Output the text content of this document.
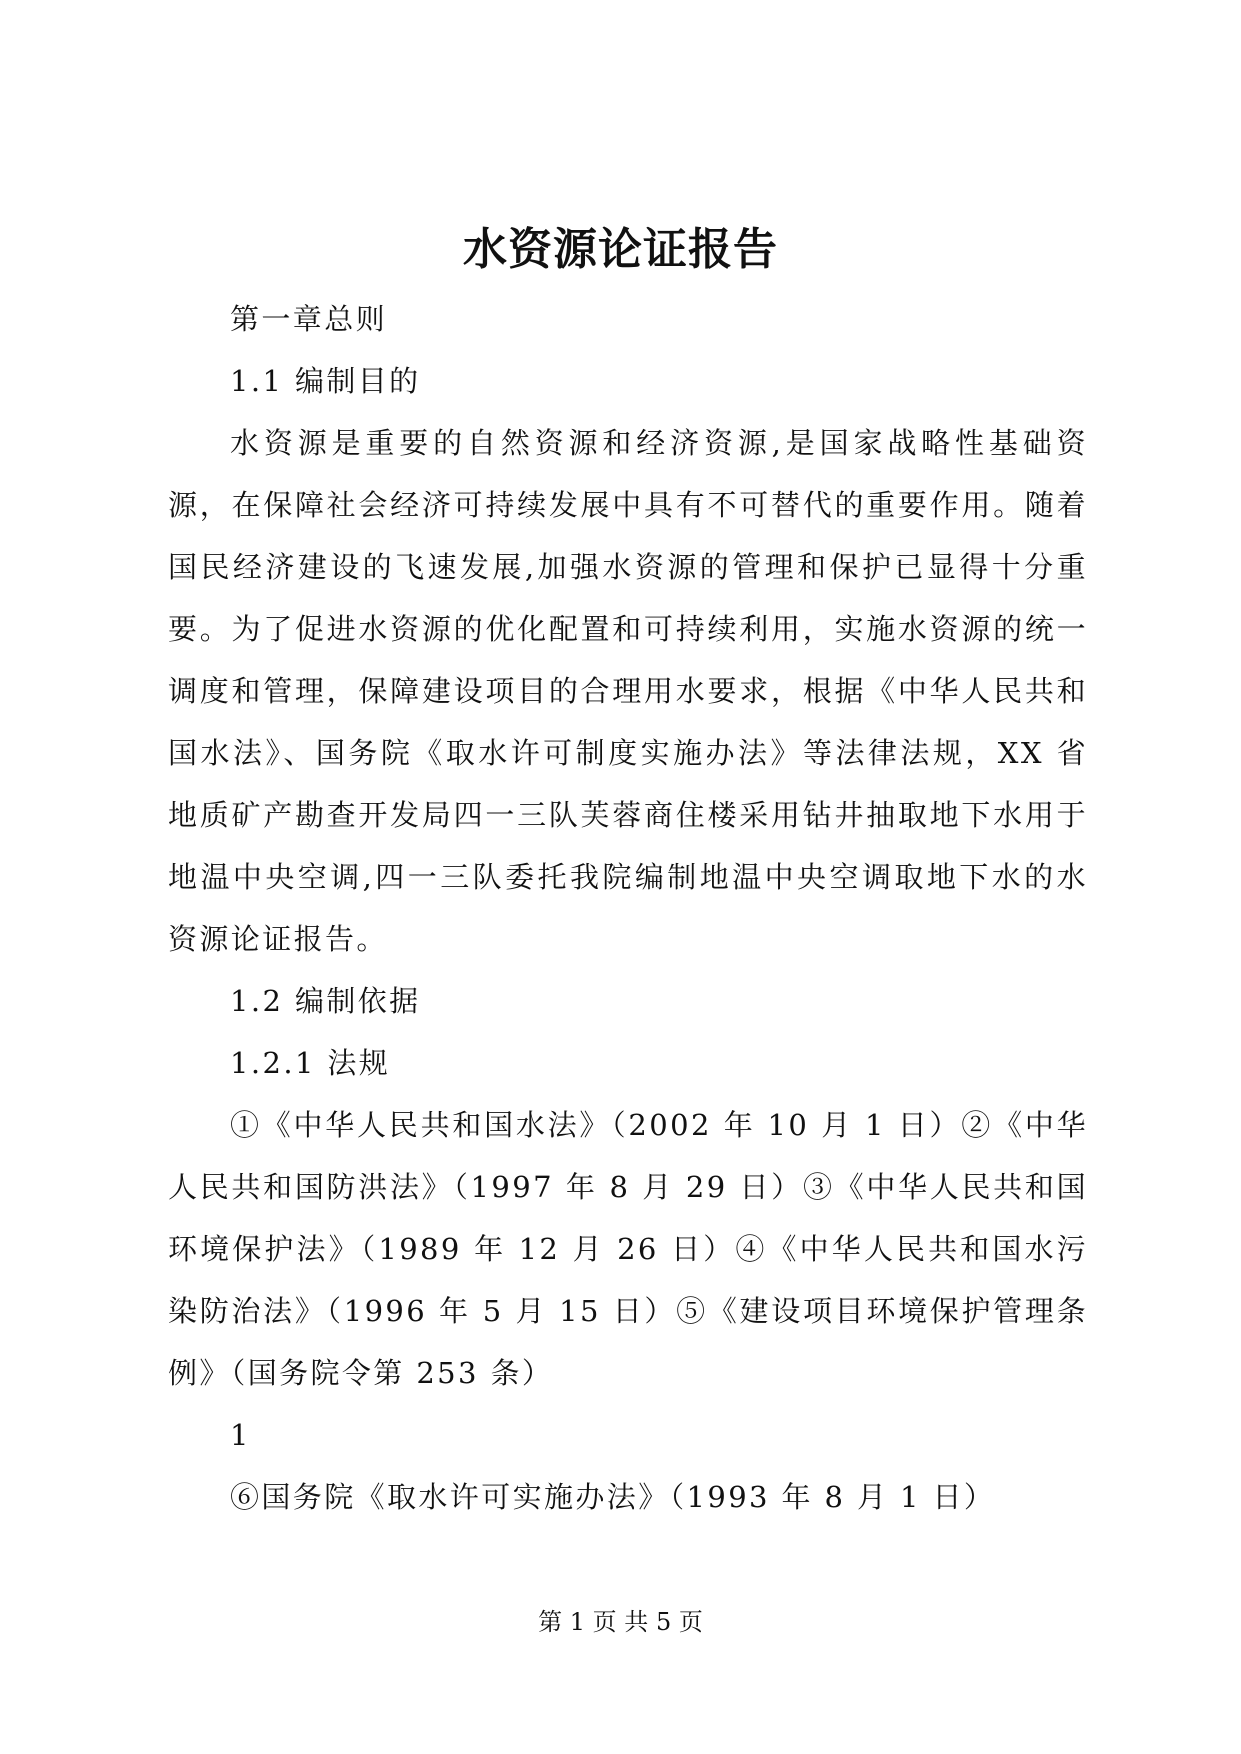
水资源论证报告

第一章总则

1.1 编制目的

水资源是重要的自然资源和经济资源,是国家战略性基础资源，在保障社会经济可持续发展中具有不可替代的重要作用。随着国民经济建设的飞速发展,加强水资源的管理和保护已显得十分重要。为了促进水资源的优化配置和可持续利用，实施水资源的统一调度和管理，保障建设项目的合理用水要求，根据《中华人民共和国水法》、国务院《取水许可制度实施办法》等法律法规，XX 省地质矿产勘查开发局四一三队芙蓉商住楼采用钻井抽取地下水用于地温中央空调,四一三队委托我院编制地温中央空调取地下水的水资源论证报告。

1.2 编制依据

1.2.1 法规

①《中华人民共和国水法》（2002 年 10 月 1 日）②《中华人民共和国防洪法》（1997 年 8 月 29 日）③《中华人民共和国环境保护法》（1989 年 12 月 26 日）④《中华人民共和国水污染防治法》（1996 年 5 月 15 日）⑤《建设项目环境保护管理条例》（国务院令第 253 条）

1

⑥国务院《取水许可实施办法》（1993 年 8 月 1 日）

第 1 页 共 5 页
